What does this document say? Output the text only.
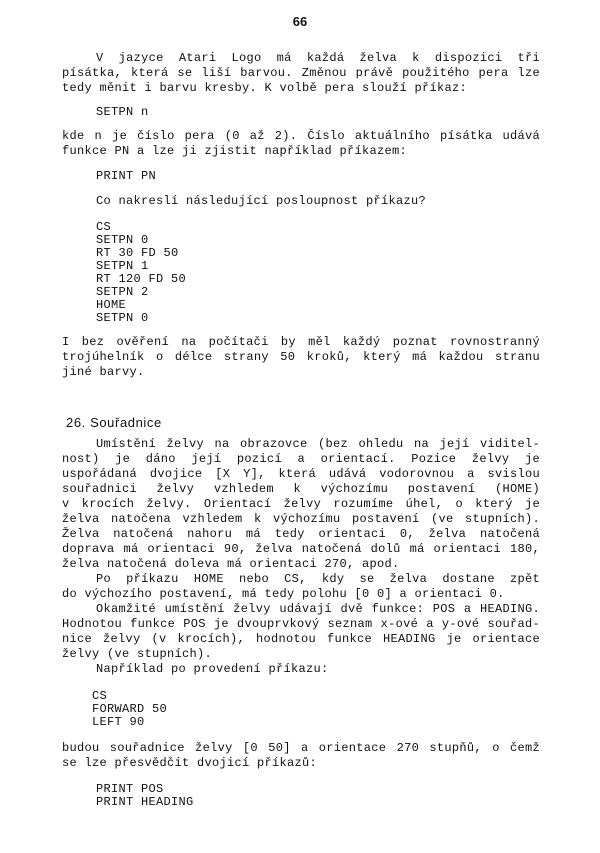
66
V jazyce Atari Logo má každá želva k dispozici tři
písátka, která se liší barvou. Změnou právě použitého pera lze
tedy měnit i barvu kresby. K volbě pera slouží příkaz:
SETPN n
kde n je číslo pera (0 až 2). Číslo aktuálního písátka udává
funkce PN a lze ji zjistit například příkazem:
PRINT PN
Co nakreslí následující posloupnost příkazu?
CS
SETPN 0
RT 30 FD 50
SETPN 1
RT 120 FD 50
SETPN 2
HOME
SETPN 0
I bez ověření na počítači by měl každý poznat rovnostranný
trojúhelník o délce strany 50 kroků, který má každou stranu
jiné barvy.
26. Souřadnice
Umístění želvy na obrazovce (bez ohledu na její viditel-
nost) je dáno její pozicí a orientací. Pozice želvy je
uspořádaná dvojice [X Y], která udává vodorovnou a svislou
souřadnici želvy vzhledem k výchozímu postavení (HOME)
v krocích želvy. Orientací želvy rozumíme úhel, o který je
želva natočena vzhledem k výchozímu postavení (ve stupních).
Želva natočená nahoru má tedy orientaci 0, želva natočená
doprava má orientaci 90, želva natočená dolů má orientaci 180,
želva natočená doleva má orientaci 270, apod.
Po příkazu HOME nebo CS, kdy se želva dostane zpět
do výchozího postavení, má tedy polohu [0 0] a orientaci 0.
Okamžité umístění želvy udávají dvě funkce: POS a HEADING.
Hodnotou funkce POS je dvouprvkový seznam x-ové a y-ové souřad-
nice želvy (v krocích), hodnotou funkce HEADING je orientace
želvy (ve stupních).
Například po provedení příkazu:
CS
FORWARD 50
LEFT 90
budou souřadnice želvy [0 50] a orientace 270 stupňů, o čemž
se lze přesvědčit dvojicí příkazů:
PRINT POS
PRINT HEADING
